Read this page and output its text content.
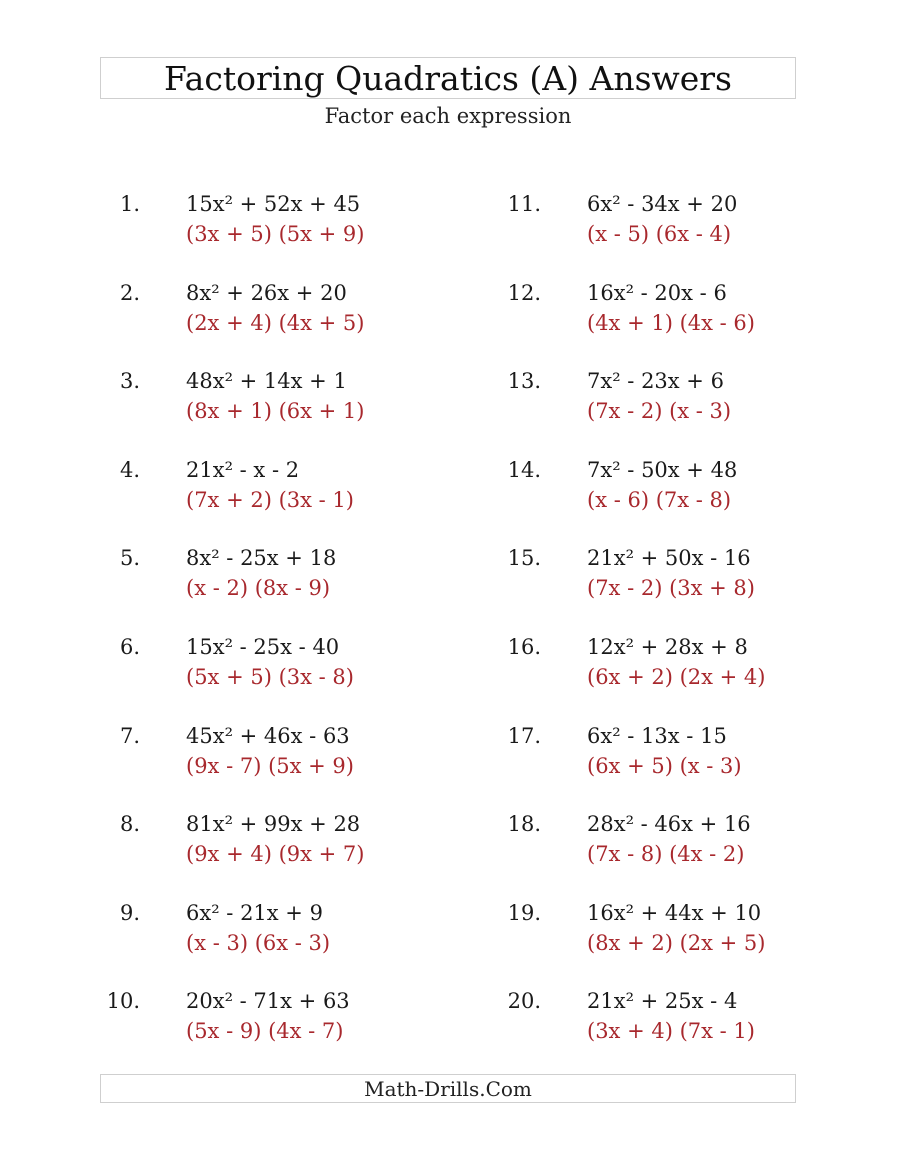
Factoring Quadratics (A) Answers
Factor each expression
1. 15x² + 52x + 45
(3x + 5) (5x + 9)
2. 8x² + 26x + 20
(2x + 4) (4x + 5)
3. 48x² + 14x + 1
(8x + 1) (6x + 1)
4. 21x² - x - 2
(7x + 2) (3x - 1)
5. 8x² - 25x + 18
(x - 2) (8x - 9)
6. 15x² - 25x - 40
(5x + 5) (3x - 8)
7. 45x² + 46x - 63
(9x - 7) (5x + 9)
8. 81x² + 99x + 28
(9x + 4) (9x + 7)
9. 6x² - 21x + 9
(x - 3) (6x - 3)
10. 20x² - 71x + 63
(5x - 9) (4x - 7)
11. 6x² - 34x + 20
(x - 5) (6x - 4)
12. 16x² - 20x - 6
(4x + 1) (4x - 6)
13. 7x² - 23x + 6
(7x - 2) (x - 3)
14. 7x² - 50x + 48
(x - 6) (7x - 8)
15. 21x² + 50x - 16
(7x - 2) (3x + 8)
16. 12x² + 28x + 8
(6x + 2) (2x + 4)
17. 6x² - 13x - 15
(6x + 5) (x - 3)
18. 28x² - 46x + 16
(7x - 8) (4x - 2)
19. 16x² + 44x + 10
(8x + 2) (2x + 5)
20. 21x² + 25x - 4
(3x + 4) (7x - 1)
Math-Drills.Com
